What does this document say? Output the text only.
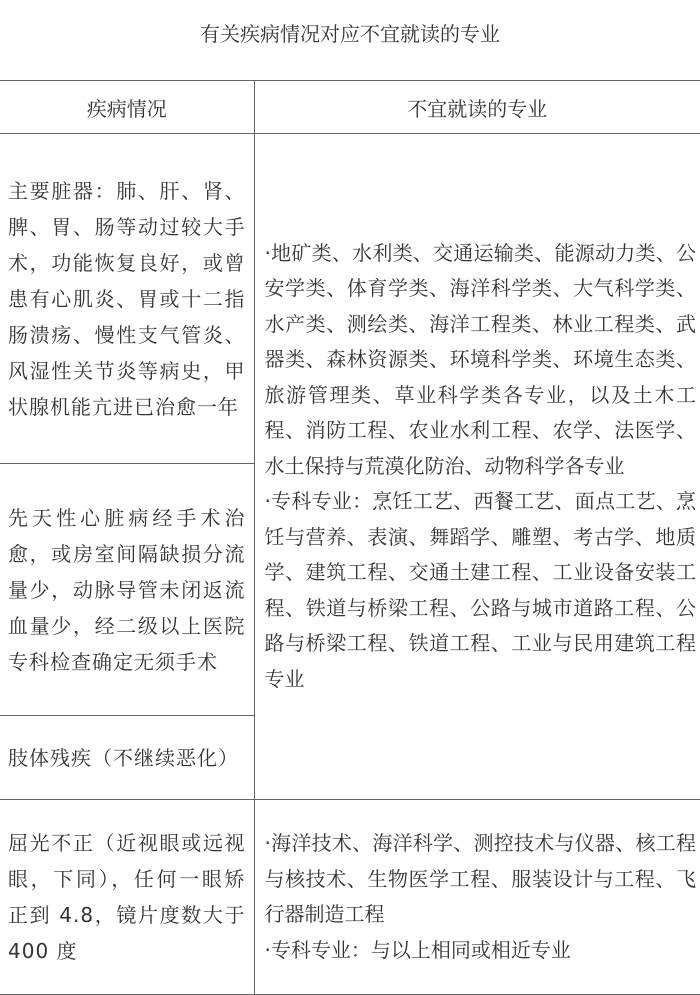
有关疾病情况对应不宜就读的专业
疾病情况	不宜就读的专业
主要脏器：肺、肝、肾、脾、胃、肠等动过较大手术，功能恢复良好，或曾患有心肌炎、胃或十二指肠溃疡、慢性支气管炎、风湿性关节炎等病史，甲状腺机能亢进已治愈一年	·地矿类、水利类、交通运输类、能源动力类、公安学类、体育学类、海洋科学类、大气科学类、水产类、测绘类、海洋工程类、林业工程类、武器类、森林资源类、环境科学类、环境生态类、旅游管理类、草业科学类各专业，以及土木工程、消防工程、农业水利工程、农学、法医学、水土保持与荒漠化防治、动物科学各专业

·专科专业：烹饪工艺、西餐工艺、面点工艺、烹饪与营养、表演、舞蹈学、雕塑、考古学、地质学、建筑工程、交通土建工程、工业设备安装工程、铁道与桥梁工程、公路与城市道路工程、公路与桥梁工程、铁道工程、工业与民用建筑工程专业

先天性心脏病经手术治愈，或房室间隔缺损分流量少，动脉导管未闭返流血量少，经二级以上医院专科检查确定无须手术	
肢体残疾（不继续恶化）	
屈光不正（近视眼或远视眼，下同），任何一眼矫正到 4.8，镜片度数大于 400 度	·海洋技术、海洋科学、测控技术与仪器、核工程与核技术、生物医学工程、服装设计与工程、飞行器制造工程

·专科专业：与以上相同或相近专业
